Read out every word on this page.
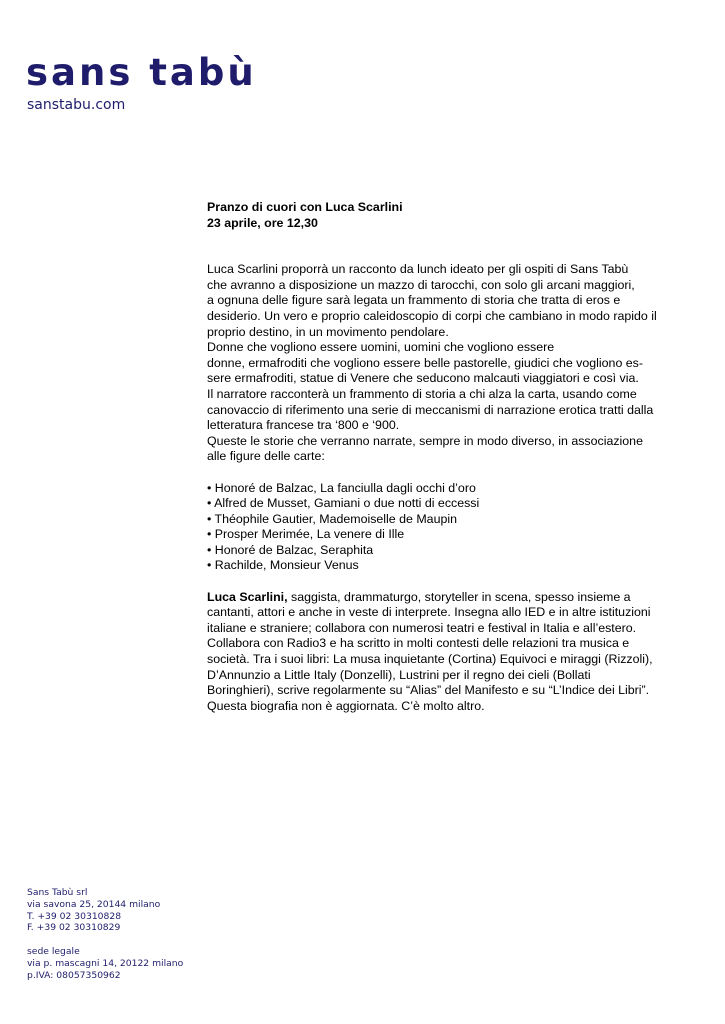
sans tabù
sanstabu.com
Pranzo di cuori con Luca Scarlini
23 aprile, ore 12,30
Luca Scarlini proporrà un racconto da lunch ideato per gli ospiti di Sans Tabù
che avranno a disposizione un mazzo di tarocchi, con solo gli arcani maggiori,
a ognuna delle figure sarà legata un frammento di storia che tratta di eros e
desiderio. Un vero e proprio caleidoscopio di corpi che cambiano in modo rapido il
proprio destino, in un movimento pendolare.
Donne che vogliono essere uomini, uomini che vogliono essere
donne, ermafroditi che vogliono essere belle pastorelle, giudici che vogliono es-
sere ermafroditi, statue di Venere che seducono malcauti viaggiatori e così via.
Il narratore racconterà un frammento di storia a chi alza la carta, usando come
canovaccio di riferimento una serie di meccanismi di narrazione erotica tratti dalla
letteratura francese tra ‘800 e ‘900.
Queste le storie che verranno narrate, sempre in modo diverso, in associazione
alle figure delle carte:
• Honoré de Balzac, La fanciulla dagli occhi d’oro
• Alfred de Musset, Gamiani o due notti di eccessi
• Théophile Gautier, Mademoiselle de Maupin
• Prosper Merimée, La venere di Ille
• Honoré de Balzac, Seraphita
• Rachilde, Monsieur Venus
Luca Scarlini, saggista, drammaturgo, storyteller in scena, spesso insieme a
cantanti, attori e anche in veste di interprete. Insegna allo IED e in altre istituzioni
italiane e straniere; collabora con numerosi teatri e festival in Italia e all’estero.
Collabora con Radio3 e ha scritto in molti contesti delle relazioni tra musica e
società. Tra i suoi libri: La musa inquietante (Cortina) Equivoci e miraggi (Rizzoli),
D’Annunzio a Little Italy (Donzelli), Lustrini per il regno dei cieli (Bollati
Boringhieri), scrive regolarmente su “Alias” del Manifesto e su “L’Indice dei Libri”.
Questa biografia non è aggiornata. C’è molto altro.
Sans Tabù srl
via savona 25, 20144 milano
T. +39 02 30310828
F. +39 02 30310829
sede legale
via p. mascagni 14, 20122 milano
p.IVA: 08057350962
